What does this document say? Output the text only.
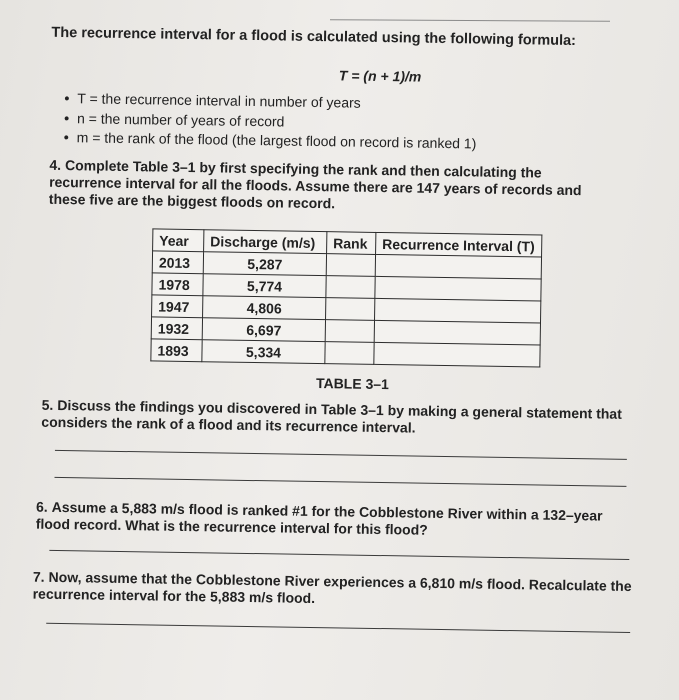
The recurrence interval for a flood is calculated using the following formula:
T = (n + 1)/m
• T = the recurrence interval in number of years
• n = the number of years of record
• m = the rank of the flood (the largest flood on record is ranked 1)
4. Complete Table 3–1 by first specifying the rank and then calculating the recurrence interval for all the floods. Assume there are 147 years of records and these five are the biggest floods on record.
Year	Discharge (m/s)	Rank	Recurrence Interval (T)
2013	5,287		
1978	5,774		
1947	4,806		
1932	6,697		
1893	5,334		
TABLE 3–1
5. Discuss the findings you discovered in Table 3–1 by making a general statement that considers the rank of a flood and its recurrence interval.
6. Assume a 5,883 m/s flood is ranked #1 for the Cobblestone River within a 132–year flood record. What is the recurrence interval for this flood?
7. Now, assume that the Cobblestone River experiences a 6,810 m/s flood. Recalculate the recurrence interval for the 5,883 m/s flood.
